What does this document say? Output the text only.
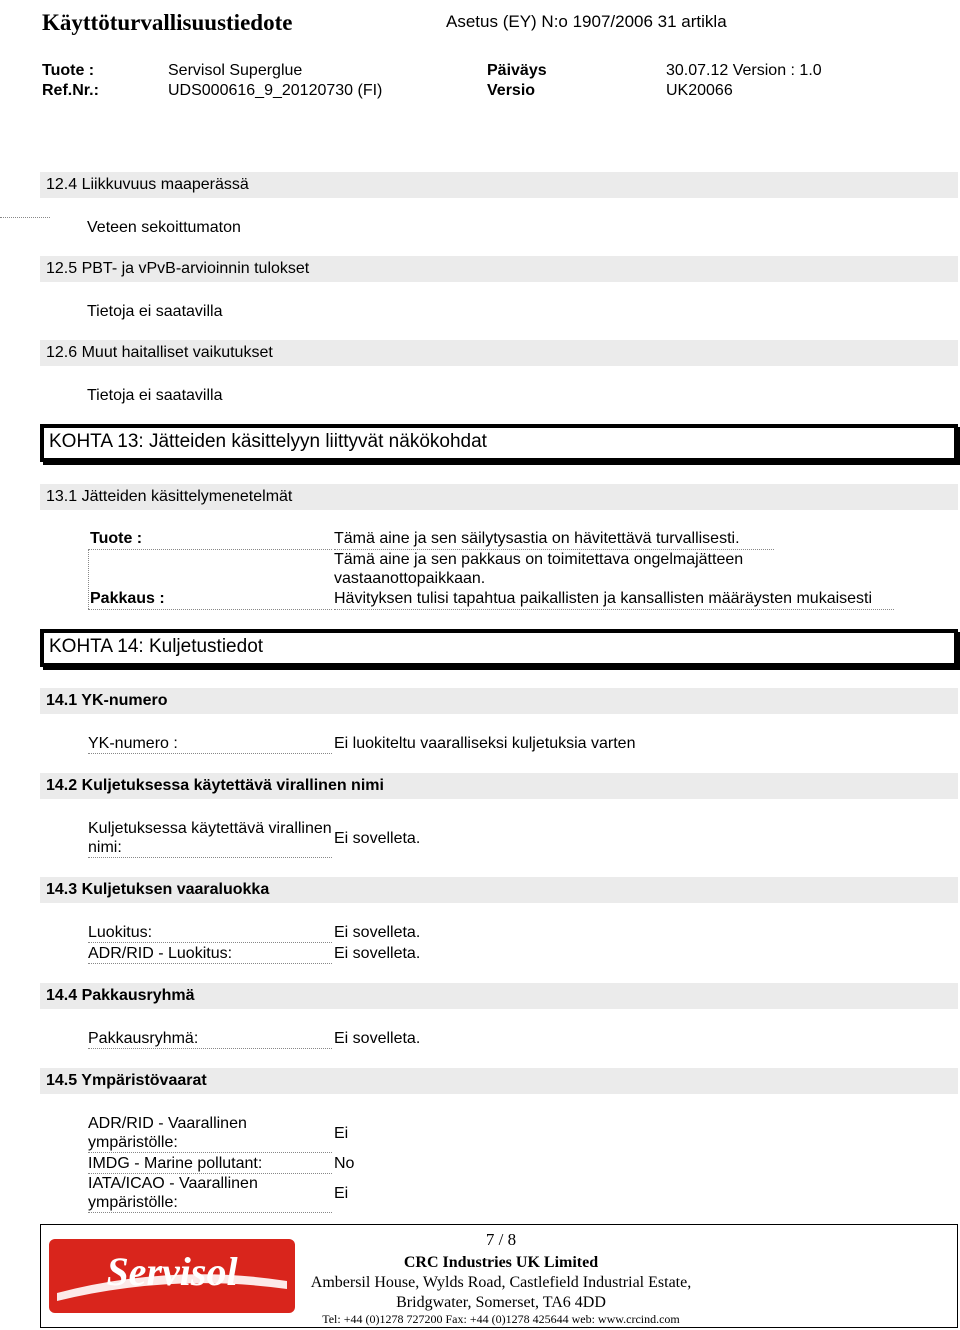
Käyttöturvallisuustiedote	Asetus (EY) N:o 1907/2006 31 artikla
Tuote :	Servisol Superglue	Päiväys	30.07.12 Version : 1.0
Ref.Nr.:	UDS000616_9_20120730 (FI)	Versio	UK20066
12.4 Liikkuvuus maaperässä
Veteen sekoittumaton
12.5 PBT- ja vPvB-arvioinnin tulokset
Tietoja ei saatavilla
12.6 Muut haitalliset vaikutukset
Tietoja ei saatavilla
KOHTA 13: Jätteiden käsittelyyn liittyvät näkökohdat
13.1 Jätteiden käsittelymenetelmät
Tuote :	Tämä aine ja sen säilytysastia on hävitettävä turvallisesti.
Tämä aine ja sen pakkaus on toimitettava ongelmajätteen vastaanottopaikkaan.
Pakkaus :	Hävityksen tulisi tapahtua paikallisten ja kansallisten määräysten mukaisesti
KOHTA 14: Kuljetustiedot
14.1 YK-numero
YK-numero :	Ei luokiteltu vaaralliseksi kuljetuksia varten
14.2 Kuljetuksessa käytettävä virallinen nimi
Kuljetuksessa käytettävä virallinen nimi:
Ei sovelleta.
14.3 Kuljetuksen vaaraluokka
Luokitus:	Ei sovelleta.
ADR/RID - Luokitus:	Ei sovelleta.
14.4 Pakkausryhmä
Pakkausryhmä:	Ei sovelleta.
14.5 Ympäristövaarat
ADR/RID - Vaarallinen ympäristölle:
Ei
IMDG - Marine pollutant:	No
IATA/ICAO - Vaarallinen ympäristölle:
Ei
Servisol
7 / 8
CRC Industries UK Limited
Ambersil House, Wylds Road, Castlefield Industrial Estate,
Bridgwater, Somerset, TA6 4DD
Tel: +44 (0)1278 727200 Fax: +44 (0)1278 425644 web: www.crcind.com
